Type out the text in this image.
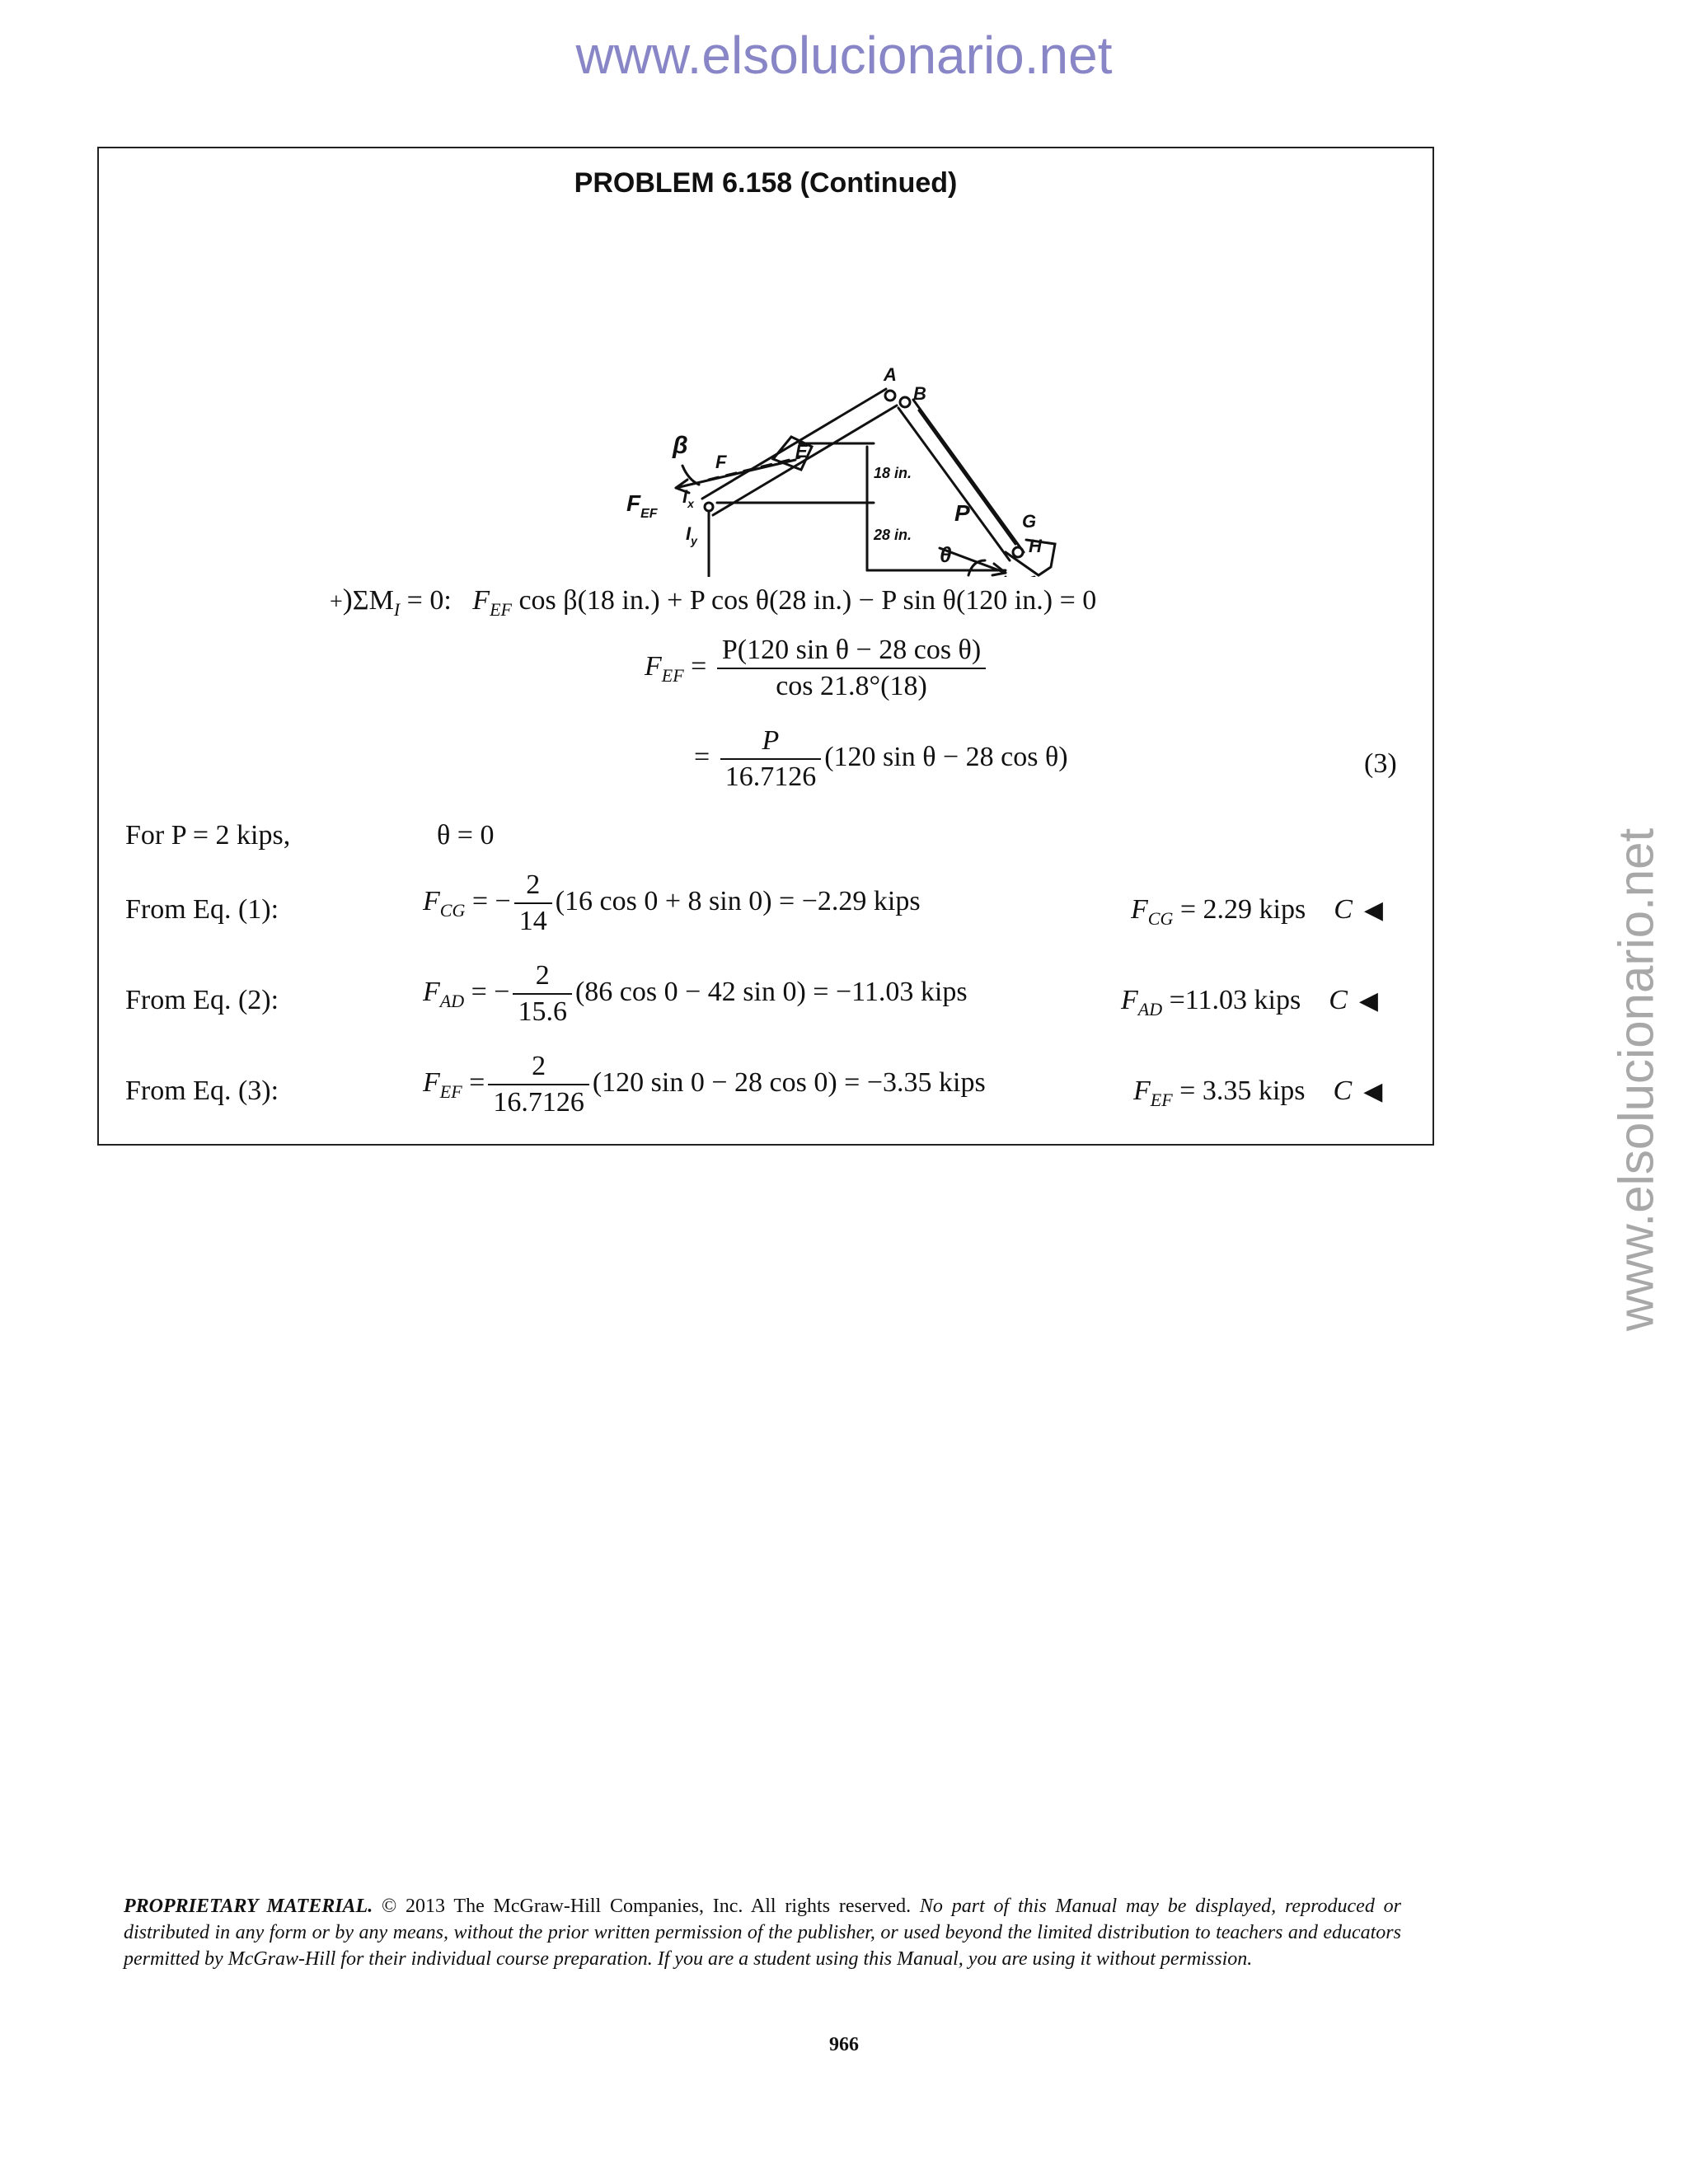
www.elsolucionario.net
www.elsolucionario.net
PROBLEM 6.158 (Continued)
A
B
G
H
F
E
β
$F_{EF}$
$I_x$
$I_y$
P
θ
18 in.
28 in.
$+)\Sigma M_I = 0$: $F_{EF}$ cos β(18 in.) + P cos θ(28 in.) − P sin θ(120 in.) = 0
$F_{EF} = \frac{\text{P(120 sin θ − 28 cos θ)}}{\cos 21.8^\circ(18)}$
= $\frac{P}{16.7126} (120$ sin θ − 28 cos θ)	(3)
For P = 2 kips,	θ = 0
From Eq. (1):	$F_{CG}$ = − $\frac{2}{14} (16$ cos 0 + 8 sin 0) = −2.29 kips	$F_{CG} = 2.29$ kips C ◀
From Eq. (2):	$F_{AD}$ = − $\frac{2}{15.6} (86$ cos 0 − 42 sin 0) = −11.03 kips	$F_{AD} =11.03$ kips C ◀
From Eq. (3):	$F_{EF} = \frac{2}{16.7126} (120$ sin 0 − 28 cos 0) = −3.35 kips	$F_{EF} = 3.35$ kips C ◀
PROPRIETARY MATERIAL. © 2013 The McGraw-Hill Companies, Inc. All rights reserved. No part of this Manual may be displayed, reproduced or distributed in any form or by any means, without the prior written permission of the publisher, or used beyond the limited distribution to teachers and educators permitted by McGraw-Hill for their individual course preparation. If you are a student using this Manual, you are using it without permission.
966
